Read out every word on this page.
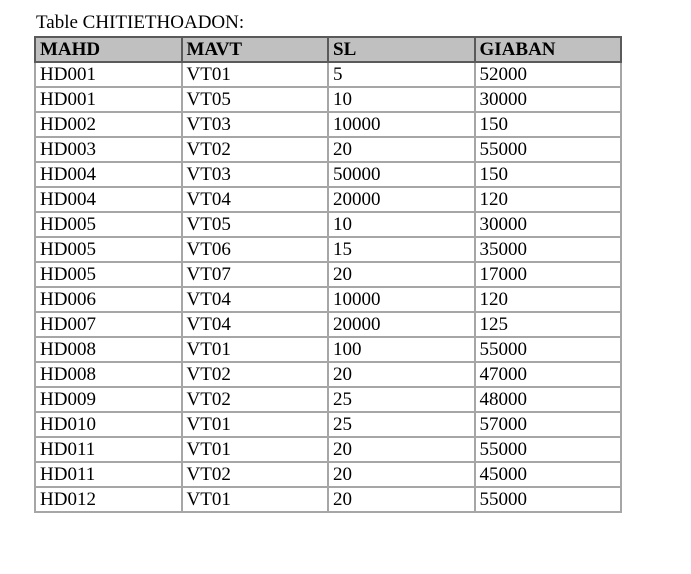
Table CHITIETHOADON:
MAHD	MAVT	SL	GIABAN
HD001	VT01	5	52000
HD001	VT05	10	30000
HD002	VT03	10000	150
HD003	VT02	20	55000
HD004	VT03	50000	150
HD004	VT04	20000	120
HD005	VT05	10	30000
HD005	VT06	15	35000
HD005	VT07	20	17000
HD006	VT04	10000	120
HD007	VT04	20000	125
HD008	VT01	100	55000
HD008	VT02	20	47000
HD009	VT02	25	48000
HD010	VT01	25	57000
HD011	VT01	20	55000
HD011	VT02	20	45000
HD012	VT01	20	55000
